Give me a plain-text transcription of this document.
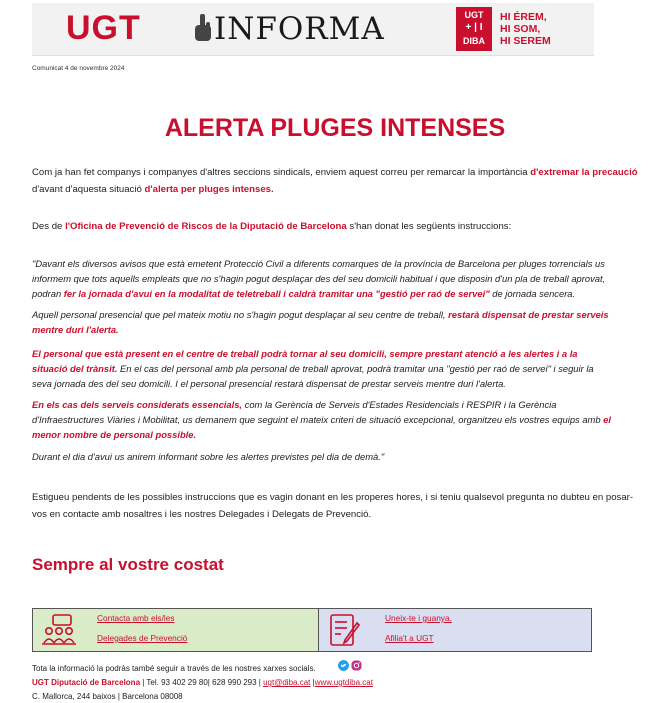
UGT INFORMA	UGT
+ | I
DIBA
HI ÉREM,
HI SOM,
HI SEREM
Comunicat 4 de novembre 2024
ALERTA PLUGES INTENSES

Com ja han fet companys i companyes d'altres seccions sindicals, enviem aquest correu per remarcar la importància d'extremar la precaució d'avant d'aquesta situació d'alerta per pluges intenses.

Des de l'Oficina de Prevenció de Riscos de la Diputació de Barcelona s'han donat les següents instruccions:

"Davant els diversos avisos que està emetent Protecció Civil a diferents comarques de la província de Barcelona per pluges torrencials us informem que tots aquells empleats que no s'hagin pogut desplaçar des del seu domicili habitual i que disposin d'un pla de treball aprovat, podran fer la jornada d'avui en la modalitat de teletreball i caldrà tramitar una "gestió per raó de servei" de jornada sencera.

Aquell personal presencial que pel mateix motiu no s'hagin pogut desplaçar al seu centre de treball, restarà dispensat de prestar serveis mentre duri l'alerta.

El personal que està present en el centre de treball podrà tornar al seu domicili, sempre prestant atenció a les alertes i a la situació del trànsit. En el cas del personal amb pla personal de treball aprovat, podrà tramitar una "gestió per raó de servei" i seguir la seva jornada des del seu domicili. I el personal presencial restarà dispensat de prestar serveis mentre duri l'alerta.

En els cas dels serveis considerats essencials, com la Gerència de Serveis d'Estades Residencials i RESPIR i la Gerència d'Infraestructures Viàries i Mobilitat, us demanem que seguint el mateix criteri de situació excepcional, organitzeu els vostres equips amb el menor nombre de personal possible.

Durant el dia d'avui us anirem informant sobre les alertes previstes pel dia de demà."

Estigueu pendents de les possibles instruccions que es vagin donant en les properes hores, i si teniu qualsevol pregunta no dubteu en posar-vos en contacte amb nosaltres i les nostres Delegades i Delegats de Prevenció.

Sempre al vostre costat
Contacta amb els/les
Delegades de Prevenció
Uneix-te i guanya.
Afilia't a UGT
Tota la informació la podràs també seguir a través de les nostres xarxes socials.
UGT Diputació de Barcelona | Tel. 93 402 29 80| 628 990 293 | ugt@diba.cat |www.ugtdiba.cat
C. Mallorca, 244 baixos | Barcelona 08008
